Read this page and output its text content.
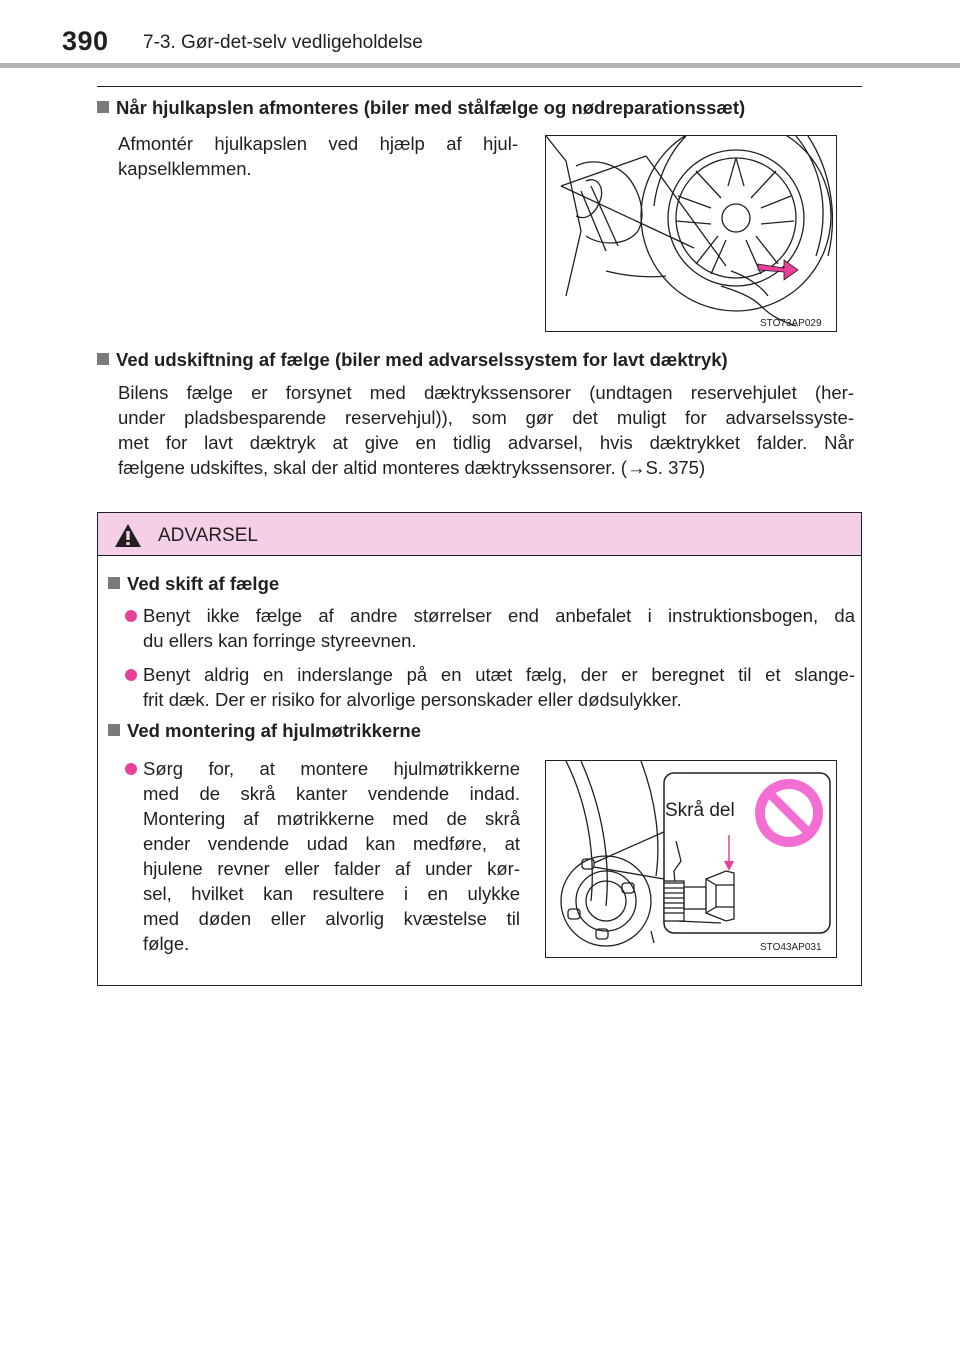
390 7-3. Gør-det-selv vedligeholdelse
Når hjulkapslen afmonteres (biler med stålfælge og nødreparationssæt)
Afmontér hjulkapslen ved hjælp af hjul-
kapselklemmen.
STO73AP029
Ved udskiftning af fælge (biler med advarselssystem for lavt dæktryk)
Bilens fælge er forsynet med dæktrykssensorer (undtagen reservehjulet (her-
under pladsbesparende reservehjul)), som gør det muligt for advarselssyste-
met for lavt dæktryk at give en tidlig advarsel, hvis dæktrykket falder. Når
fælgene udskiftes, skal der altid monteres dæktrykssensorer. (→S. 375)
ADVARSEL
Ved skift af fælge
Benyt ikke fælge af andre størrelser end anbefalet i instruktionsbogen, da
du ellers kan forringe styreevnen.
Benyt aldrig en inderslange på en utæt fælg, der er beregnet til et slange-
frit dæk. Der er risiko for alvorlige personskader eller dødsulykker.
Ved montering af hjulmøtrikkerne
Sørg for, at montere hjulmøtrikkerne
med de skrå kanter vendende indad.
Montering af møtrikkerne med de skrå
ender vendende udad kan medføre, at
hjulene revner eller falder af under kør-
sel, hvilket kan resultere i en ulykke
med døden eller alvorlig kvæstelse til
følge.
Skrå del
STO43AP031
